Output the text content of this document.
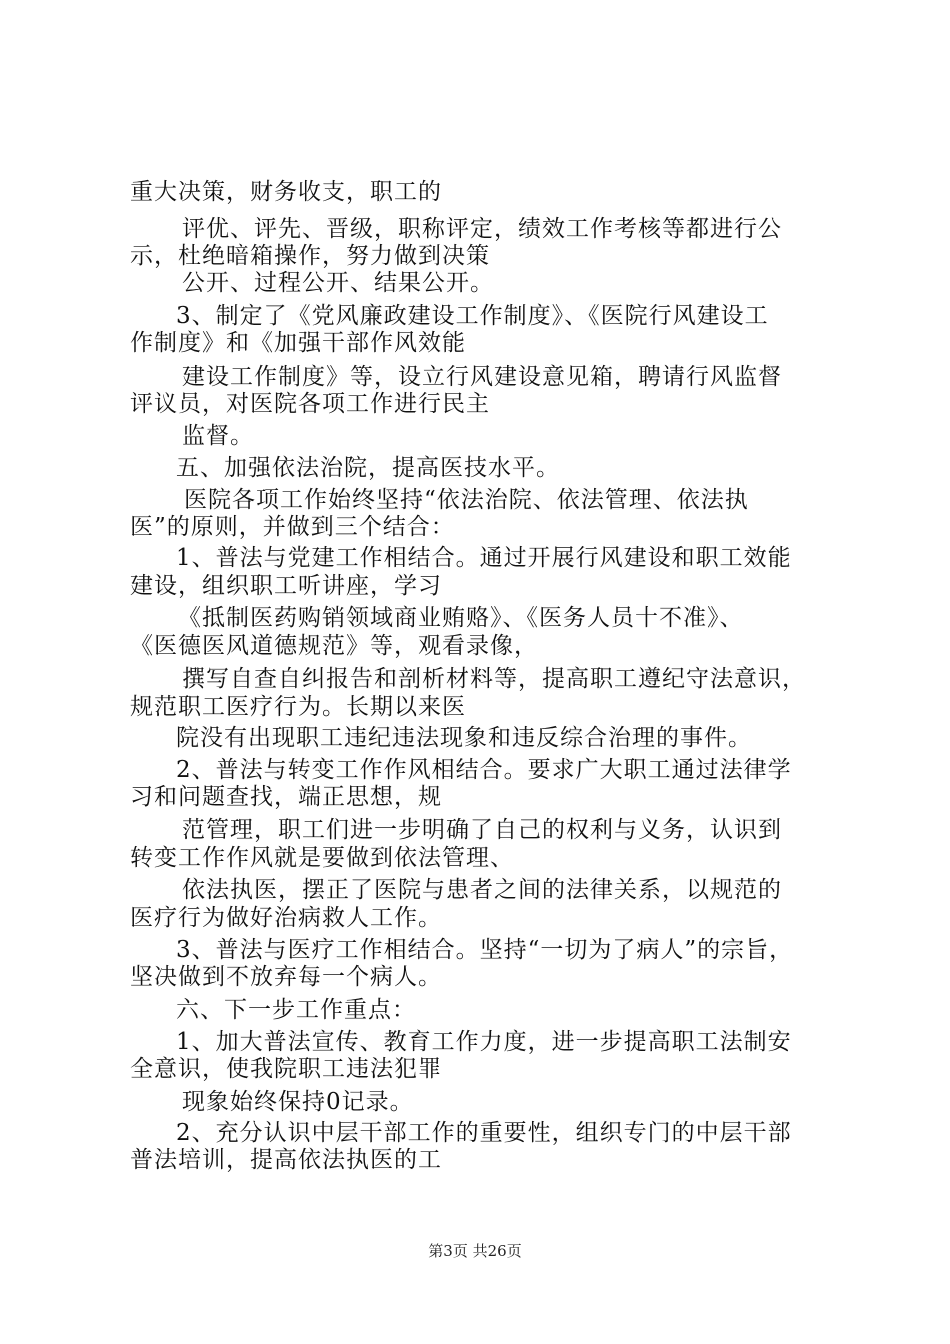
重大决策，财务收支，职工的
评优、评先、晋级，职称评定，绩效工作考核等都进行公
示，杜绝暗箱操作，努力做到决策
公开、过程公开、结果公开。
3、制定了《党风廉政建设工作制度》、《医院行风建设工
作制度》和《加强干部作风效能
建设工作制度》等，设立行风建设意见箱，聘请行风监督
评议员，对医院各项工作进行民主
监督。
五、加强依法治院，提高医技水平。
医院各项工作始终坚持“依法治院、依法管理、依法执
医”的原则，并做到三个结合：
1、普法与党建工作相结合。通过开展行风建设和职工效能
建设，组织职工听讲座，学习
《抵制医药购销领域商业贿赂》、《医务人员十不准》、
《医德医风道德规范》等，观看录像，
撰写自查自纠报告和剖析材料等，提高职工遵纪守法意识，
规范职工医疗行为。长期以来医
院没有出现职工违纪违法现象和违反综合治理的事件。
2、普法与转变工作作风相结合。要求广大职工通过法律学
习和问题查找，端正思想，规
范管理，职工们进一步明确了自己的权利与义务，认识到
转变工作作风就是要做到依法管理、
依法执医，摆正了医院与患者之间的法律关系，以规范的
医疗行为做好治病救人工作。
3、普法与医疗工作相结合。坚持“一切为了病人”的宗旨，
坚决做到不放弃每一个病人。
六、下一步工作重点：
1、加大普法宣传、教育工作力度，进一步提高职工法制安
全意识，使我院职工违法犯罪
现象始终保持0记录。
2、充分认识中层干部工作的重要性，组织专门的中层干部
普法培训，提高依法执医的工
第3页 共26页
